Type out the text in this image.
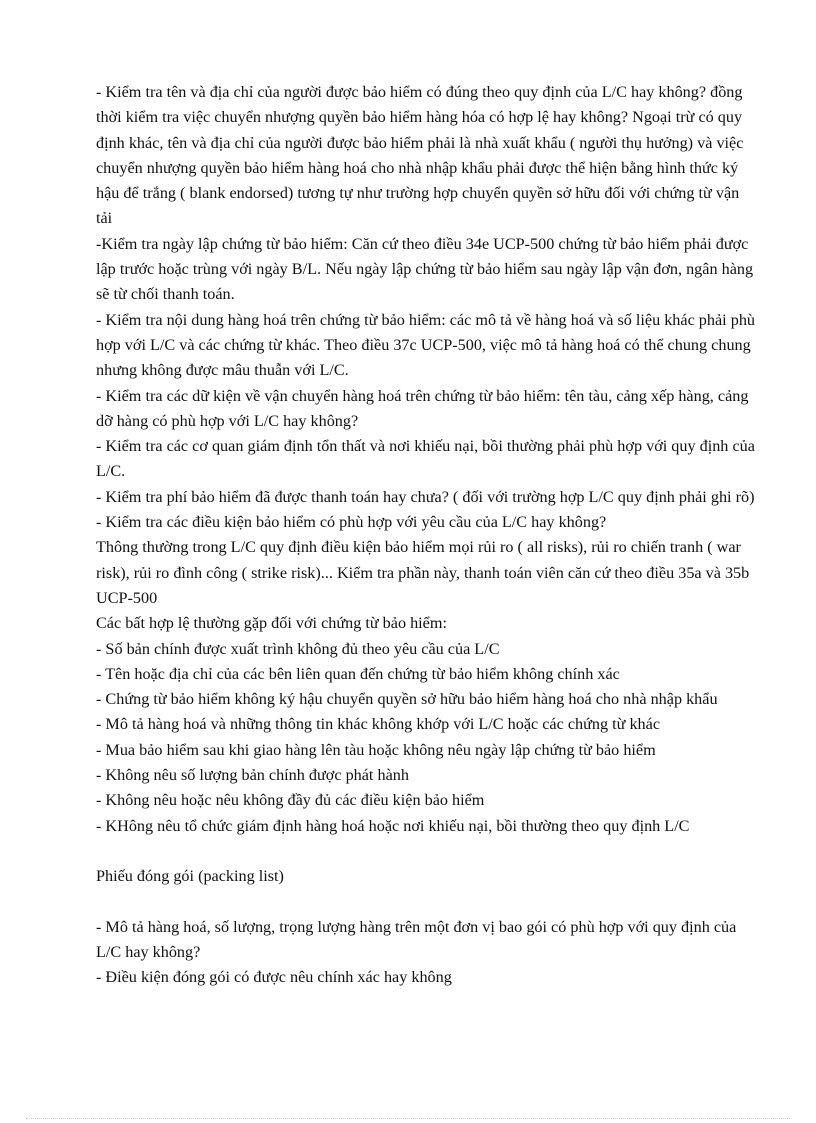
- Kiểm tra tên và địa chỉ của người được bảo hiểm có đúng theo quy định của L/C hay không? đồng thời kiểm tra việc chuyển nhượng quyền bảo hiểm hàng hóa có hợp lệ hay không? Ngoại trừ có quy định khác, tên và địa chỉ của người được bảo hiểm phải là nhà xuất khẩu ( người thụ hưởng) và việc chuyển nhượng quyền bảo hiểm hàng hoá cho nhà nhập khẩu phải được thể hiện bằng hình thức ký hậu để trắng ( blank endorsed) tương tự như trường hợp chuyển quyền sở hữu đối với chứng từ vận tải

-Kiểm tra ngày lập chứng từ bảo hiểm: Căn cứ theo điều 34e UCP-500 chứng từ bảo hiểm phải được lập trước hoặc trùng với ngày B/L. Nếu ngày lập chứng từ bảo hiểm sau ngày lập vận đơn, ngân hàng sẽ từ chối thanh toán.

- Kiểm tra nội dung hàng hoá trên chứng từ bảo hiểm: các mô tả về hàng hoá và số liệu khác phải phù hợp với L/C và các chứng từ khác. Theo điều 37c UCP-500, việc mô tả hàng hoá có thể chung chung nhưng không được mâu thuẫn với L/C.

- Kiểm tra các dữ kiện về vận chuyển hàng hoá trên chứng từ bảo hiểm: tên tàu, cảng xếp hàng, cảng dỡ hàng có phù hợp với L/C hay không?

- Kiểm tra các cơ quan giám định tổn thất và nơi khiếu nại, bồi thường phải phù hợp với quy định của L/C.

- Kiểm tra phí bảo hiểm đã được thanh toán hay chưa? ( đối với trường hợp L/C quy định phải ghi rõ)

- Kiểm tra các điều kiện bảo hiểm có phù hợp với yêu cầu của L/C hay không?

Thông thường trong L/C quy định điều kiện bảo hiểm mọi rủi ro ( all risks), rủi ro chiến tranh ( war risk), rủi ro đình công ( strike risk)... Kiểm tra phần này, thanh toán viên căn cứ theo điều 35a và 35b UCP-500

Các bất hợp lệ thường gặp đối với chứng từ bảo hiểm:

- Số bản chính được xuất trình không đủ theo yêu cầu của L/C

- Tên hoặc địa chỉ của các bên liên quan đến chứng từ bảo hiểm không chính xác

- Chứng từ bảo hiểm không ký hậu chuyển quyền sở hữu bảo hiểm hàng hoá cho nhà nhập khẩu

- Mô tả hàng hoá và những thông tin khác không khớp với L/C hoặc các chứng từ khác

- Mua bảo hiểm sau khi giao hàng lên tàu hoặc không nêu ngày lập chứng từ bảo hiểm

- Không nêu số lượng bản chính được phát hành

- Không nêu hoặc nêu không đầy đủ các điều kiện bảo hiểm

- KHông nêu tổ chức giám định hàng hoá hoặc nơi khiếu nại, bồi thường theo quy định L/C

Phiếu đóng gói (packing list)

- Mô tả hàng hoá, số lượng, trọng lượng hàng trên một đơn vị bao gói có phù hợp với quy định của L/C hay không?

- Điều kiện đóng gói có được nêu chính xác hay không
